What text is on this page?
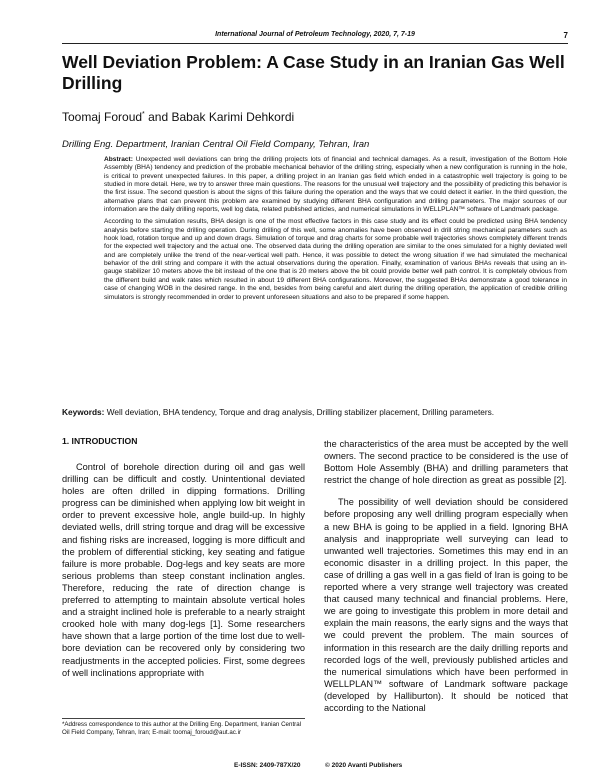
International Journal of Petroleum Technology, 2020, 7, 7-19	7
Well Deviation Problem: A Case Study in an Iranian Gas Well Drilling
Toomaj Foroud* and Babak Karimi Dehkordi
Drilling Eng. Department, Iranian Central Oil Field Company, Tehran, Iran

Abstract: Unexpected well deviations can bring the drilling projects lots of financial and technical damages. As a result, investigation of the Bottom Hole Assembly (BHA) tendency and prediction of the probable mechanical behavior of the drilling string, especially when a new configuration is running in the hole, is critical to prevent unexpected failures. In this paper, a drilling project in an Iranian gas field which ended in a catastrophic well trajectory is going to be studied in more detail. Here, we try to answer three main questions. The reasons for the unusual well trajectory and the possibility of predicting this behavior is the first issue. The second question is about the signs of this failure during the operation and the ways that we could detect it earlier. In the third question, the alternative plans that can prevent this problem are examined by studying different BHA configuration and drilling parameters. The major sources of our information are the daily drilling reports, well log data, related published articles, and numerical simulations in WELLPLAN™ software of Landmark package.

According to the simulation results, BHA design is one of the most effective factors in this case study and its effect could be predicted using BHA tendency analysis before starting the drilling operation. During drilling of this well, some anomalies have been observed in drill string mechanical parameters such as hook load, rotation torque and up and down drags. Simulation of torque and drag charts for some probable well trajectories shows completely different trends for the expected well trajectory and the actual one. The observed data during the drilling operation are similar to the ones simulated for a highly deviated well and are completely unlike the trend of the near-vertical well path. Hence, it was possible to detect the wrong situation if we had simulated the mechanical behavior of the drill string and compare it with the actual observations during the operation. Finally, examination of various BHAs reveals that using an in-gauge stabilizer 10 meters above the bit instead of the one that is 20 meters above the bit could provide better well path control. It is completely obvious from the different build and walk rates which resulted in about 19 different BHA configurations. Moreover, the suggested BHAs demonstrate a good tolerance in case of changing WOB in the desired range. In the end, besides from being careful and alert during the drilling operation, the application of credible drilling simulators is strongly recommended in order to prevent unforeseen situations and also to be prepared if some happen.

Keywords: Well deviation, BHA tendency, Torque and drag analysis, Drilling stabilizer placement, Drilling parameters.
1. INTRODUCTION

Control of borehole direction during oil and gas well drilling can be difficult and costly. Unintentional deviated holes are often drilled in dipping formations. Drilling progress can be diminished when applying low bit weight in order to prevent excessive hole, angle build-up. In highly deviated wells, drill string torque and drag will be excessive and fishing risks are increased, logging is more difficult and the problem of differential sticking, key seating and fatigue failure is more probable. Dog-legs and key seats are more serious problems than steep constant inclination angles. Therefore, reducing the rate of direction change is preferred to attempting to maintain absolute vertical holes and a straight inclined hole is preferable to a nearly straight crooked hole with many dog-legs [1]. Some researchers have shown that a large portion of the time lost due to well-bore deviation can be recovered only by considering two readjustments in the accepted policies. First, some degrees of well inclinations appropriate with

the characteristics of the area must be accepted by the well owners. The second practice to be considered is the use of Bottom Hole Assembly (BHA) and drilling parameters that restrict the change of hole direction as great as possible [2].

The possibility of well deviation should be considered before proposing any well drilling program especially when a new BHA is going to be applied in a field. Ignoring BHA analysis and inappropriate well surveying can lead to unwanted well trajectories. Sometimes this may end in an economic disaster in a drilling project. In this paper, the case of drilling a gas well in a gas field of Iran is going to be reported where a very strange well trajectory was created that caused many technical and financial problems. Here, we are going to investigate this problem in more detail and explain the main reasons, the early signs and the ways that we could prevent the problem. The main sources of information in this research are the daily drilling reports and recorded logs of the well, previously published articles and the numerical simulations which have been performed in WELLPLAN™ software of Landmark software package (developed by Halliburton). It should be noticed that according to the National

*Address correspondence to this author at the Drilling Eng. Department, Iranian Central Oil Field Company, Tehran, Iran; E-mail: toomaj_foroud@aut.ac.ir
E-ISSN: 2409-787X/20	© 2020 Avanti Publishers
